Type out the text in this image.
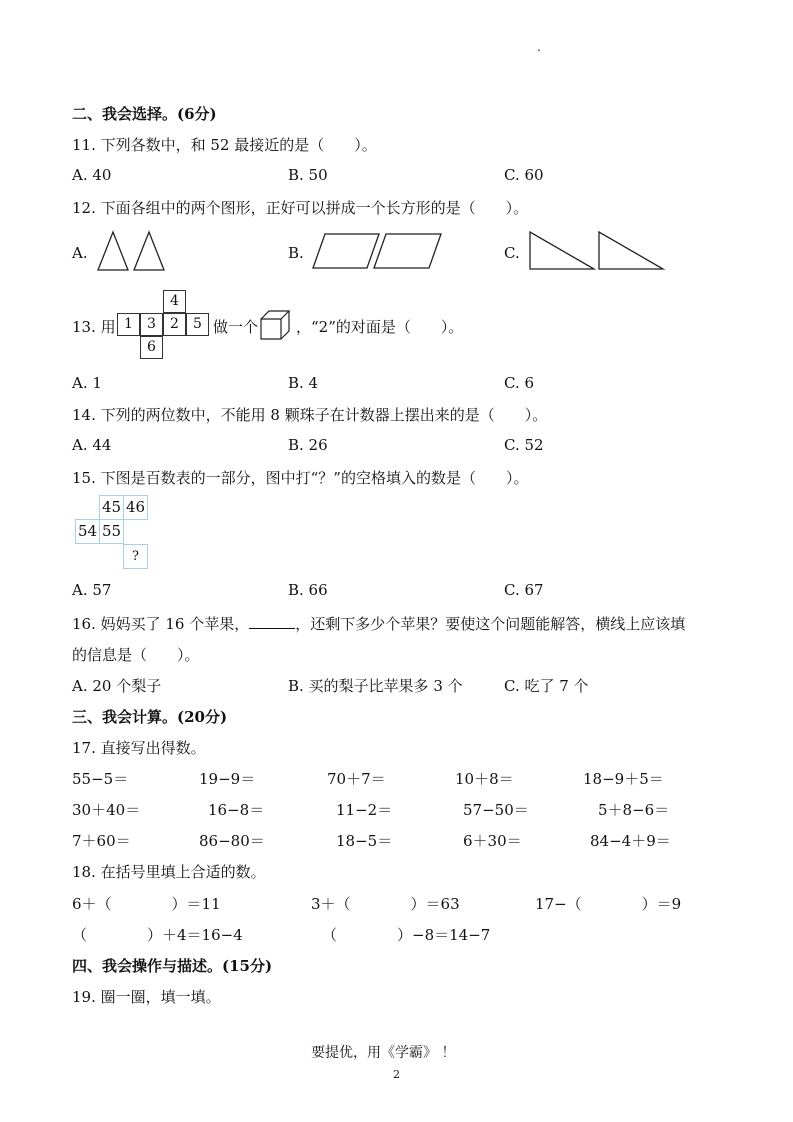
.
二、我会选择。(6分)
11. 下列各数中，和 52 最接近的是（　　）。
A. 40	B. 50	C. 60
12. 下面各组中的两个图形，正好可以拼成一个长方形的是（　　）。
A.	B.	C.
13. 用
4
1	3	2	5
6
做一个	，“2”的对面是（　　）。
A. 1	B. 4	C. 6
14. 下列的两位数中，不能用 8 颗珠子在计数器上摆出来的是（　　）。
A. 44	B. 26	C. 52
15. 下图是百数表的一部分，图中打“？”的空格填入的数是（　　）。
45 46
54 55
?
A. 57	B. 66	C. 67
16. 妈妈买了 16 个苹果，	，还剩下多少个苹果？要使这个问题能解答，横线上应该填
的信息是（　　）。
A. 20 个梨子	B. 买的梨子比苹果多 3 个	C. 吃了 7 个
三、我会计算。(20分)
17. 直接写出得数。
55−5＝	19−9＝	70＋7＝	10＋8＝	18−9＋5＝
30＋40＝	16−8＝	11−2＝	57−50＝	5＋8−6＝
7＋60＝	86−80＝	18−5＝	6＋30＝	84−4＋9＝
18. 在括号里填上合适的数。
6＋（　　　　）＝11	3＋（　　　　）＝63	17−（　　　　）＝9
（　　　　）＋4＝16−4	（　　　　）−8＝14−7
四、我会操作与描述。(15分)
19. 圈一圈，填一填。
要提优，用《学霸》 ！
2
